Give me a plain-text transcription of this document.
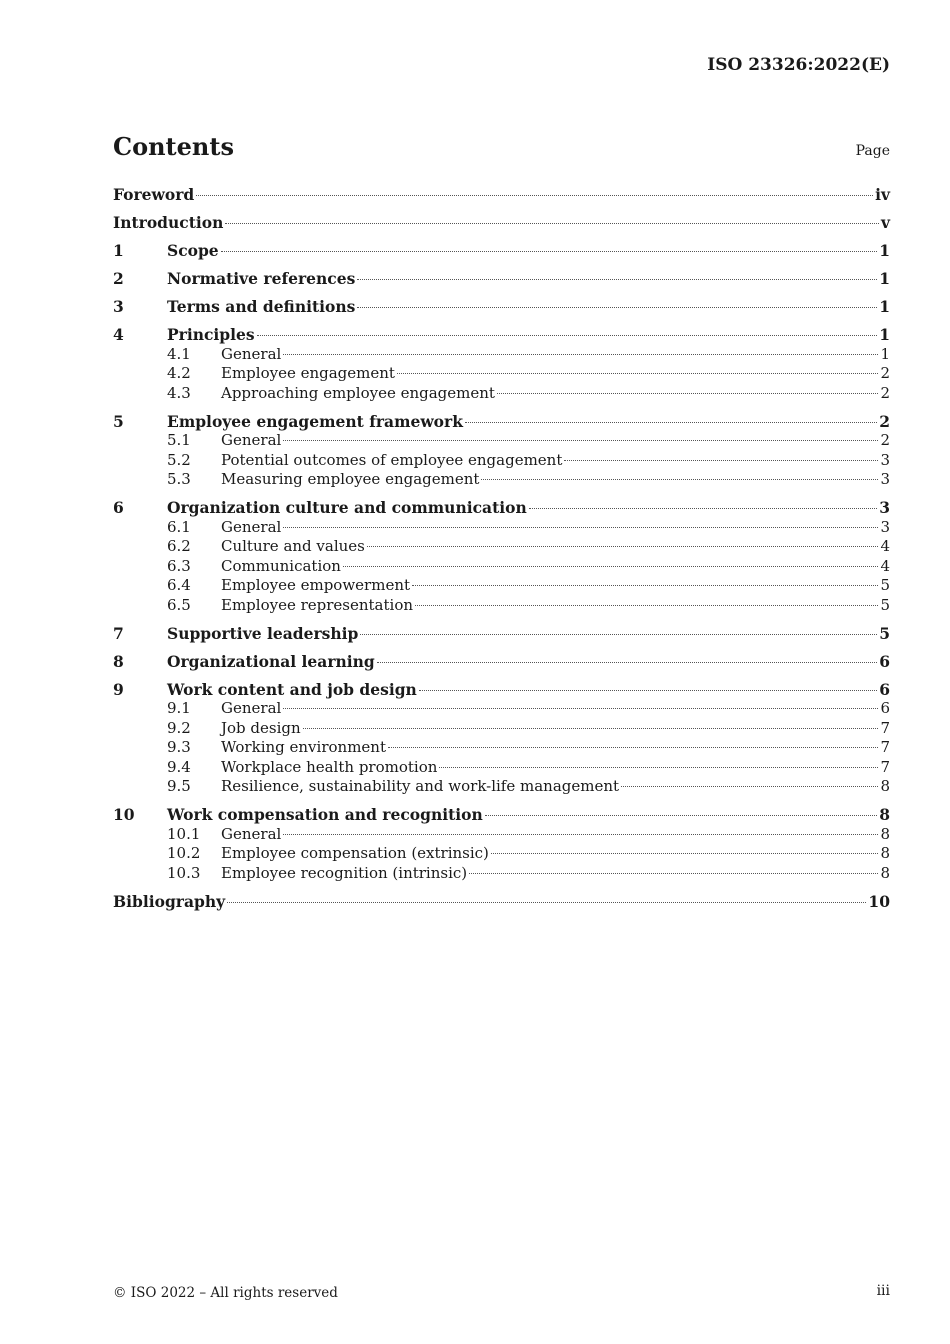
ISO 23326:2022(E)
Contents	Page
Foreword	iv
Introduction	v
1	Scope	1
2	Normative references	1
3	Terms and definitions	1
4	Principles	1
4.1	General	1
4.2	Employee engagement	2
4.3	Approaching employee engagement	2
5	Employee engagement framework	2
5.1	General	2
5.2	Potential outcomes of employee engagement	3
5.3	Measuring employee engagement	3
6	Organization culture and communication	3
6.1	General	3
6.2	Culture and values	4
6.3	Communication	4
6.4	Employee empowerment	5
6.5	Employee representation	5
7	Supportive leadership	5
8	Organizational learning	6
9	Work content and job design	6
9.1	General	6
9.2	Job design	7
9.3	Working environment	7
9.4	Workplace health promotion	7
9.5	Resilience, sustainability and work-life management	8
10	Work compensation and recognition	8
10.1	General	8
10.2	Employee compensation (extrinsic)	8
10.3	Employee recognition (intrinsic)	8
Bibliography	10
© ISO 2022 – All rights reserved	iii
